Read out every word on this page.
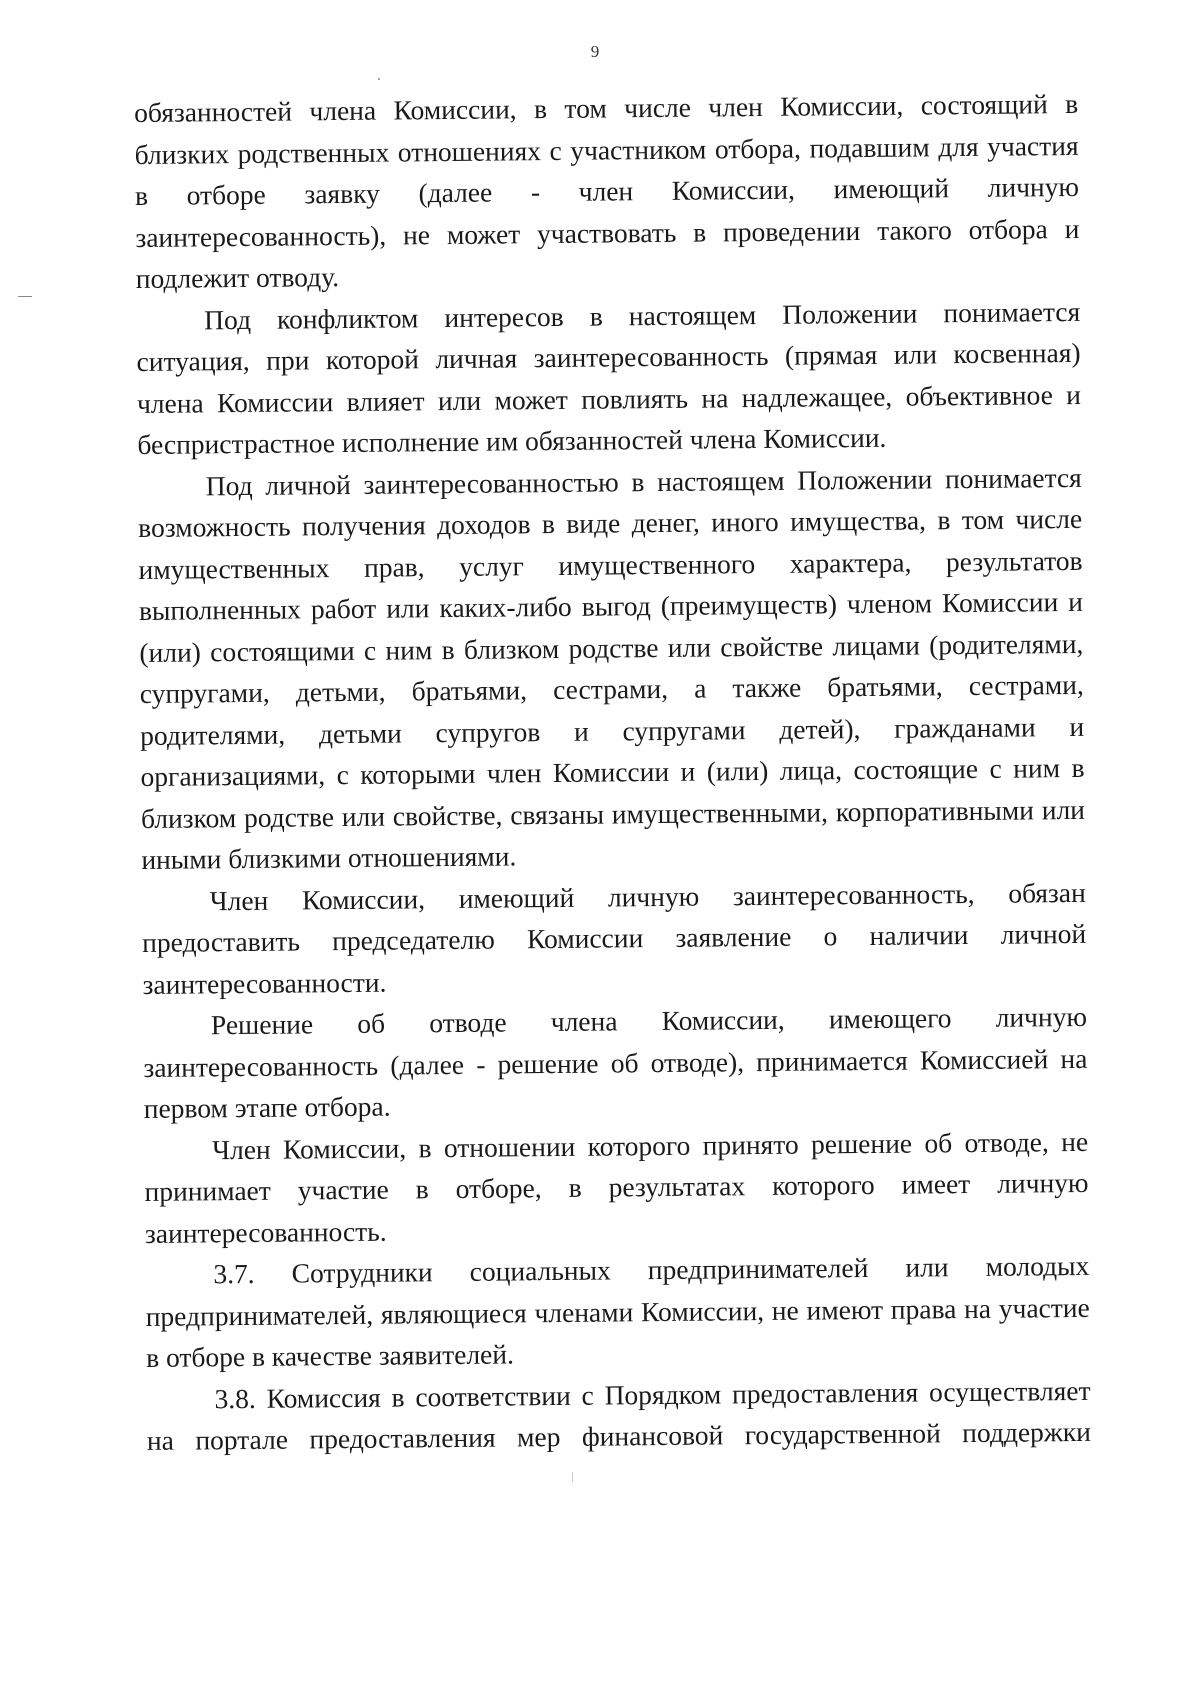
9

обязанностей члена Комиссии, в том числе член Комиссии, состоящий в близких родственных отношениях с участником отбора, подавшим для участия в отборе заявку (далее - член Комиссии, имеющий личную заинтересованность), не может участвовать в проведении такого отбора и подлежит отводу.

Под конфликтом интересов в настоящем Положении понимается ситуация, при которой личная заинтересованность (прямая или косвенная) члена Комиссии влияет или может повлиять на надлежащее, объективное и беспристрастное исполнение им обязанностей члена Комиссии.

Под личной заинтересованностью в настоящем Положении понимается возможность получения доходов в виде денег, иного имущества, в том числе имущественных прав, услуг имущественного характера, результатов выполненных работ или каких-либо выгод (преимуществ) членом Комиссии и (или) состоящими с ним в близком родстве или свойстве лицами (родителями, супругами, детьми, братьями, сестрами, а также братьями, сестрами, родителями, детьми супругов и супругами детей), гражданами и организациями, с которыми член Комиссии и (или) лица, состоящие с ним в близком родстве или свойстве, связаны имущественными, корпоративными или иными близкими отношениями.

Член Комиссии, имеющий личную заинтересованность, обязан предоставить председателю Комиссии заявление о наличии личной заинтересованности.

Решение об отводе члена Комиссии, имеющего личную заинтересованность (далее - решение об отводе), принимается Комиссией на первом этапе отбора.

Член Комиссии, в отношении которого принято решение об отводе, не принимает участие в отборе, в результатах которого имеет личную заинтересованность.

3.7. Сотрудники социальных предпринимателей или молодых предпринимателей, являющиеся членами Комиссии, не имеют права на участие в отборе в качестве заявителей.

3.8. Комиссия в соответствии с Порядком предоставления осуществляет на портале предоставления мер финансовой государственной поддержки
